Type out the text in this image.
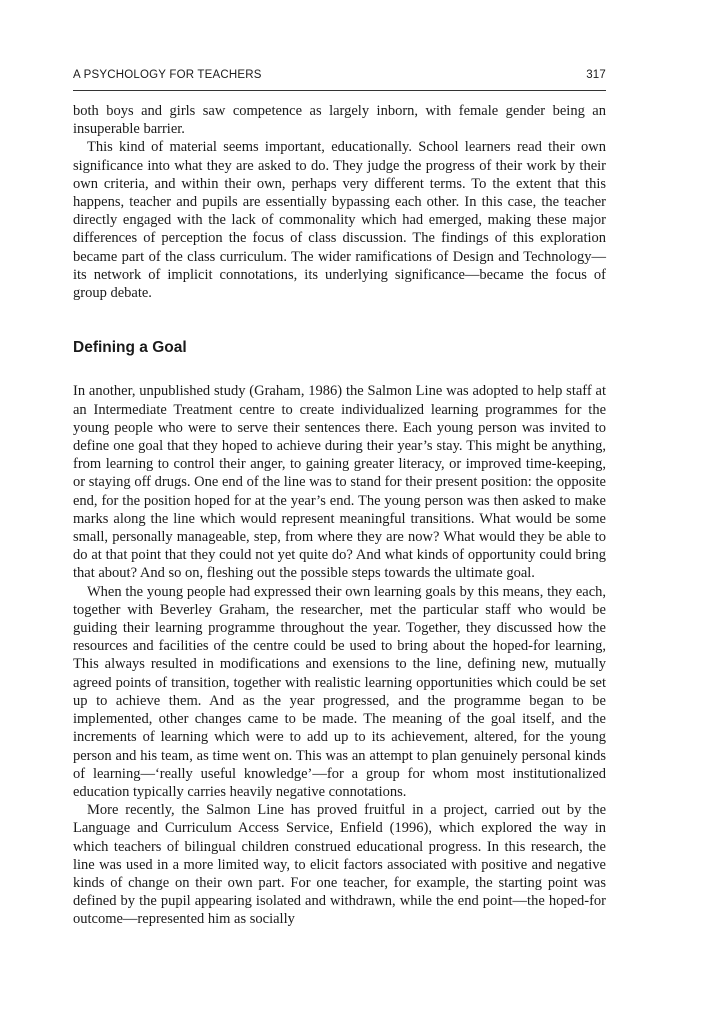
A PSYCHOLOGY FOR TEACHERS	317

both boys and girls saw competence as largely inborn, with female gender being an insuperable barrier.

This kind of material seems important, educationally. School learners read their own significance into what they are asked to do. They judge the progress of their work by their own criteria, and within their own, perhaps very different terms. To the extent that this happens, teacher and pupils are essentially bypassing each other. In this case, the teacher directly engaged with the lack of commonality which had emerged, making these major differences of perception the focus of class discussion. The findings of this exploration became part of the class curriculum. The wider ramifications of Design and Technology—its network of implicit connotations, its underlying significance—became the focus of group debate.

Defining a Goal

In another, unpublished study (Graham, 1986) the Salmon Line was adopted to help staff at an Intermediate Treatment centre to create individualized learning programmes for the young people who were to serve their sentences there. Each young person was invited to define one goal that they hoped to achieve during their year’s stay. This might be anything, from learning to control their anger, to gaining greater literacy, or improved time-keeping, or staying off drugs. One end of the line was to stand for their present position: the opposite end, for the position hoped for at the year’s end. The young person was then asked to make marks along the line which would represent meaningful transitions. What would be some small, personally manageable, step, from where they are now? What would they be able to do at that point that they could not yet quite do? And what kinds of opportunity could bring that about? And so on, fleshing out the possible steps towards the ultimate goal.

When the young people had expressed their own learning goals by this means, they each, together with Beverley Graham, the researcher, met the particular staff who would be guiding their learning programme throughout the year. Together, they discussed how the resources and facilities of the centre could be used to bring about the hoped-for learning, This always resulted in modifications and exensions to the line, defining new, mutually agreed points of transition, together with realistic learning opportunities which could be set up to achieve them. And as the year progressed, and the programme began to be implemented, other changes came to be made. The meaning of the goal itself, and the increments of learning which were to add up to its achievement, altered, for the young person and his team, as time went on. This was an attempt to plan genuinely personal kinds of learning—‘really useful knowledge’—for a group for whom most institutionalized education typically carries heavily negative connotations.

More recently, the Salmon Line has proved fruitful in a project, carried out by the Language and Curriculum Access Service, Enfield (1996), which explored the way in which teachers of bilingual children construed educational progress. In this research, the line was used in a more limited way, to elicit factors associated with positive and negative kinds of change on their own part. For one teacher, for example, the starting point was defined by the pupil appearing isolated and withdrawn, while the end point—the hoped-for outcome—represented him as socially
